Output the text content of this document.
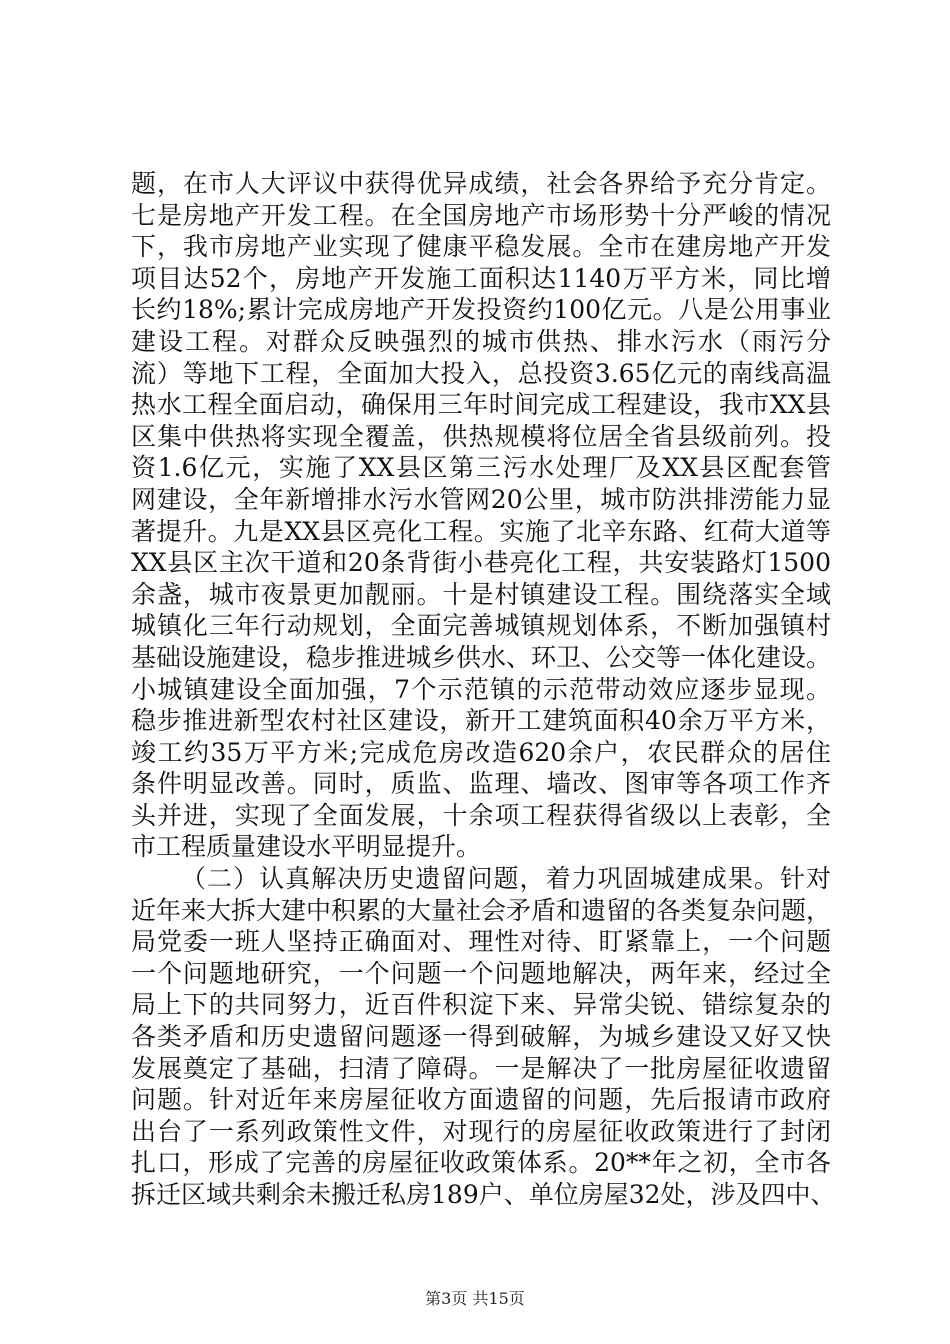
题，在市人大评议中获得优异成绩，社会各界给予充分肯定。
七是房地产开发工程。在全国房地产市场形势十分严峻的情况
下，我市房地产业实现了健康平稳发展。全市在建房地产开发
项目达52个，房地产开发施工面积达1140万平方米，同比增
长约18%;累计完成房地产开发投资约100亿元。八是公用事业
建设工程。对群众反映强烈的城市供热、排水污水（雨污分
流）等地下工程，全面加大投入，总投资3.65亿元的南线高温
热水工程全面启动，确保用三年时间完成工程建设，我市XX县
区集中供热将实现全覆盖，供热规模将位居全省县级前列。投
资1.6亿元，实施了XX县区第三污水处理厂及XX县区配套管
网建设，全年新增排水污水管网20公里，城市防洪排涝能力显
著提升。九是XX县区亮化工程。实施了北辛东路、红荷大道等
XX县区主次干道和20条背街小巷亮化工程，共安装路灯1500
余盏，城市夜景更加靓丽。十是村镇建设工程。围绕落实全域
城镇化三年行动规划，全面完善城镇规划体系，不断加强镇村
基础设施建设，稳步推进城乡供水、环卫、公交等一体化建设。
小城镇建设全面加强，7个示范镇的示范带动效应逐步显现。
稳步推进新型农村社区建设，新开工建筑面积40余万平方米，
竣工约35万平方米;完成危房改造620余户，农民群众的居住
条件明显改善。同时，质监、监理、墙改、图审等各项工作齐
头并进，实现了全面发展，十余项工程获得省级以上表彰，全
市工程质量建设水平明显提升。
（二）认真解决历史遗留问题，着力巩固城建成果。针对
近年来大拆大建中积累的大量社会矛盾和遗留的各类复杂问题，
局党委一班人坚持正确面对、理性对待、盯紧靠上，一个问题
一个问题地研究，一个问题一个问题地解决，两年来，经过全
局上下的共同努力，近百件积淀下来、异常尖锐、错综复杂的
各类矛盾和历史遗留问题逐一得到破解，为城乡建设又好又快
发展奠定了基础，扫清了障碍。一是解决了一批房屋征收遗留
问题。针对近年来房屋征收方面遗留的问题，先后报请市政府
出台了一系列政策性文件，对现行的房屋征收政策进行了封闭
扎口，形成了完善的房屋征收政策体系。20**年之初，全市各
拆迁区域共剩余未搬迁私房189户、单位房屋32处，涉及四中、
第3页 共15页
